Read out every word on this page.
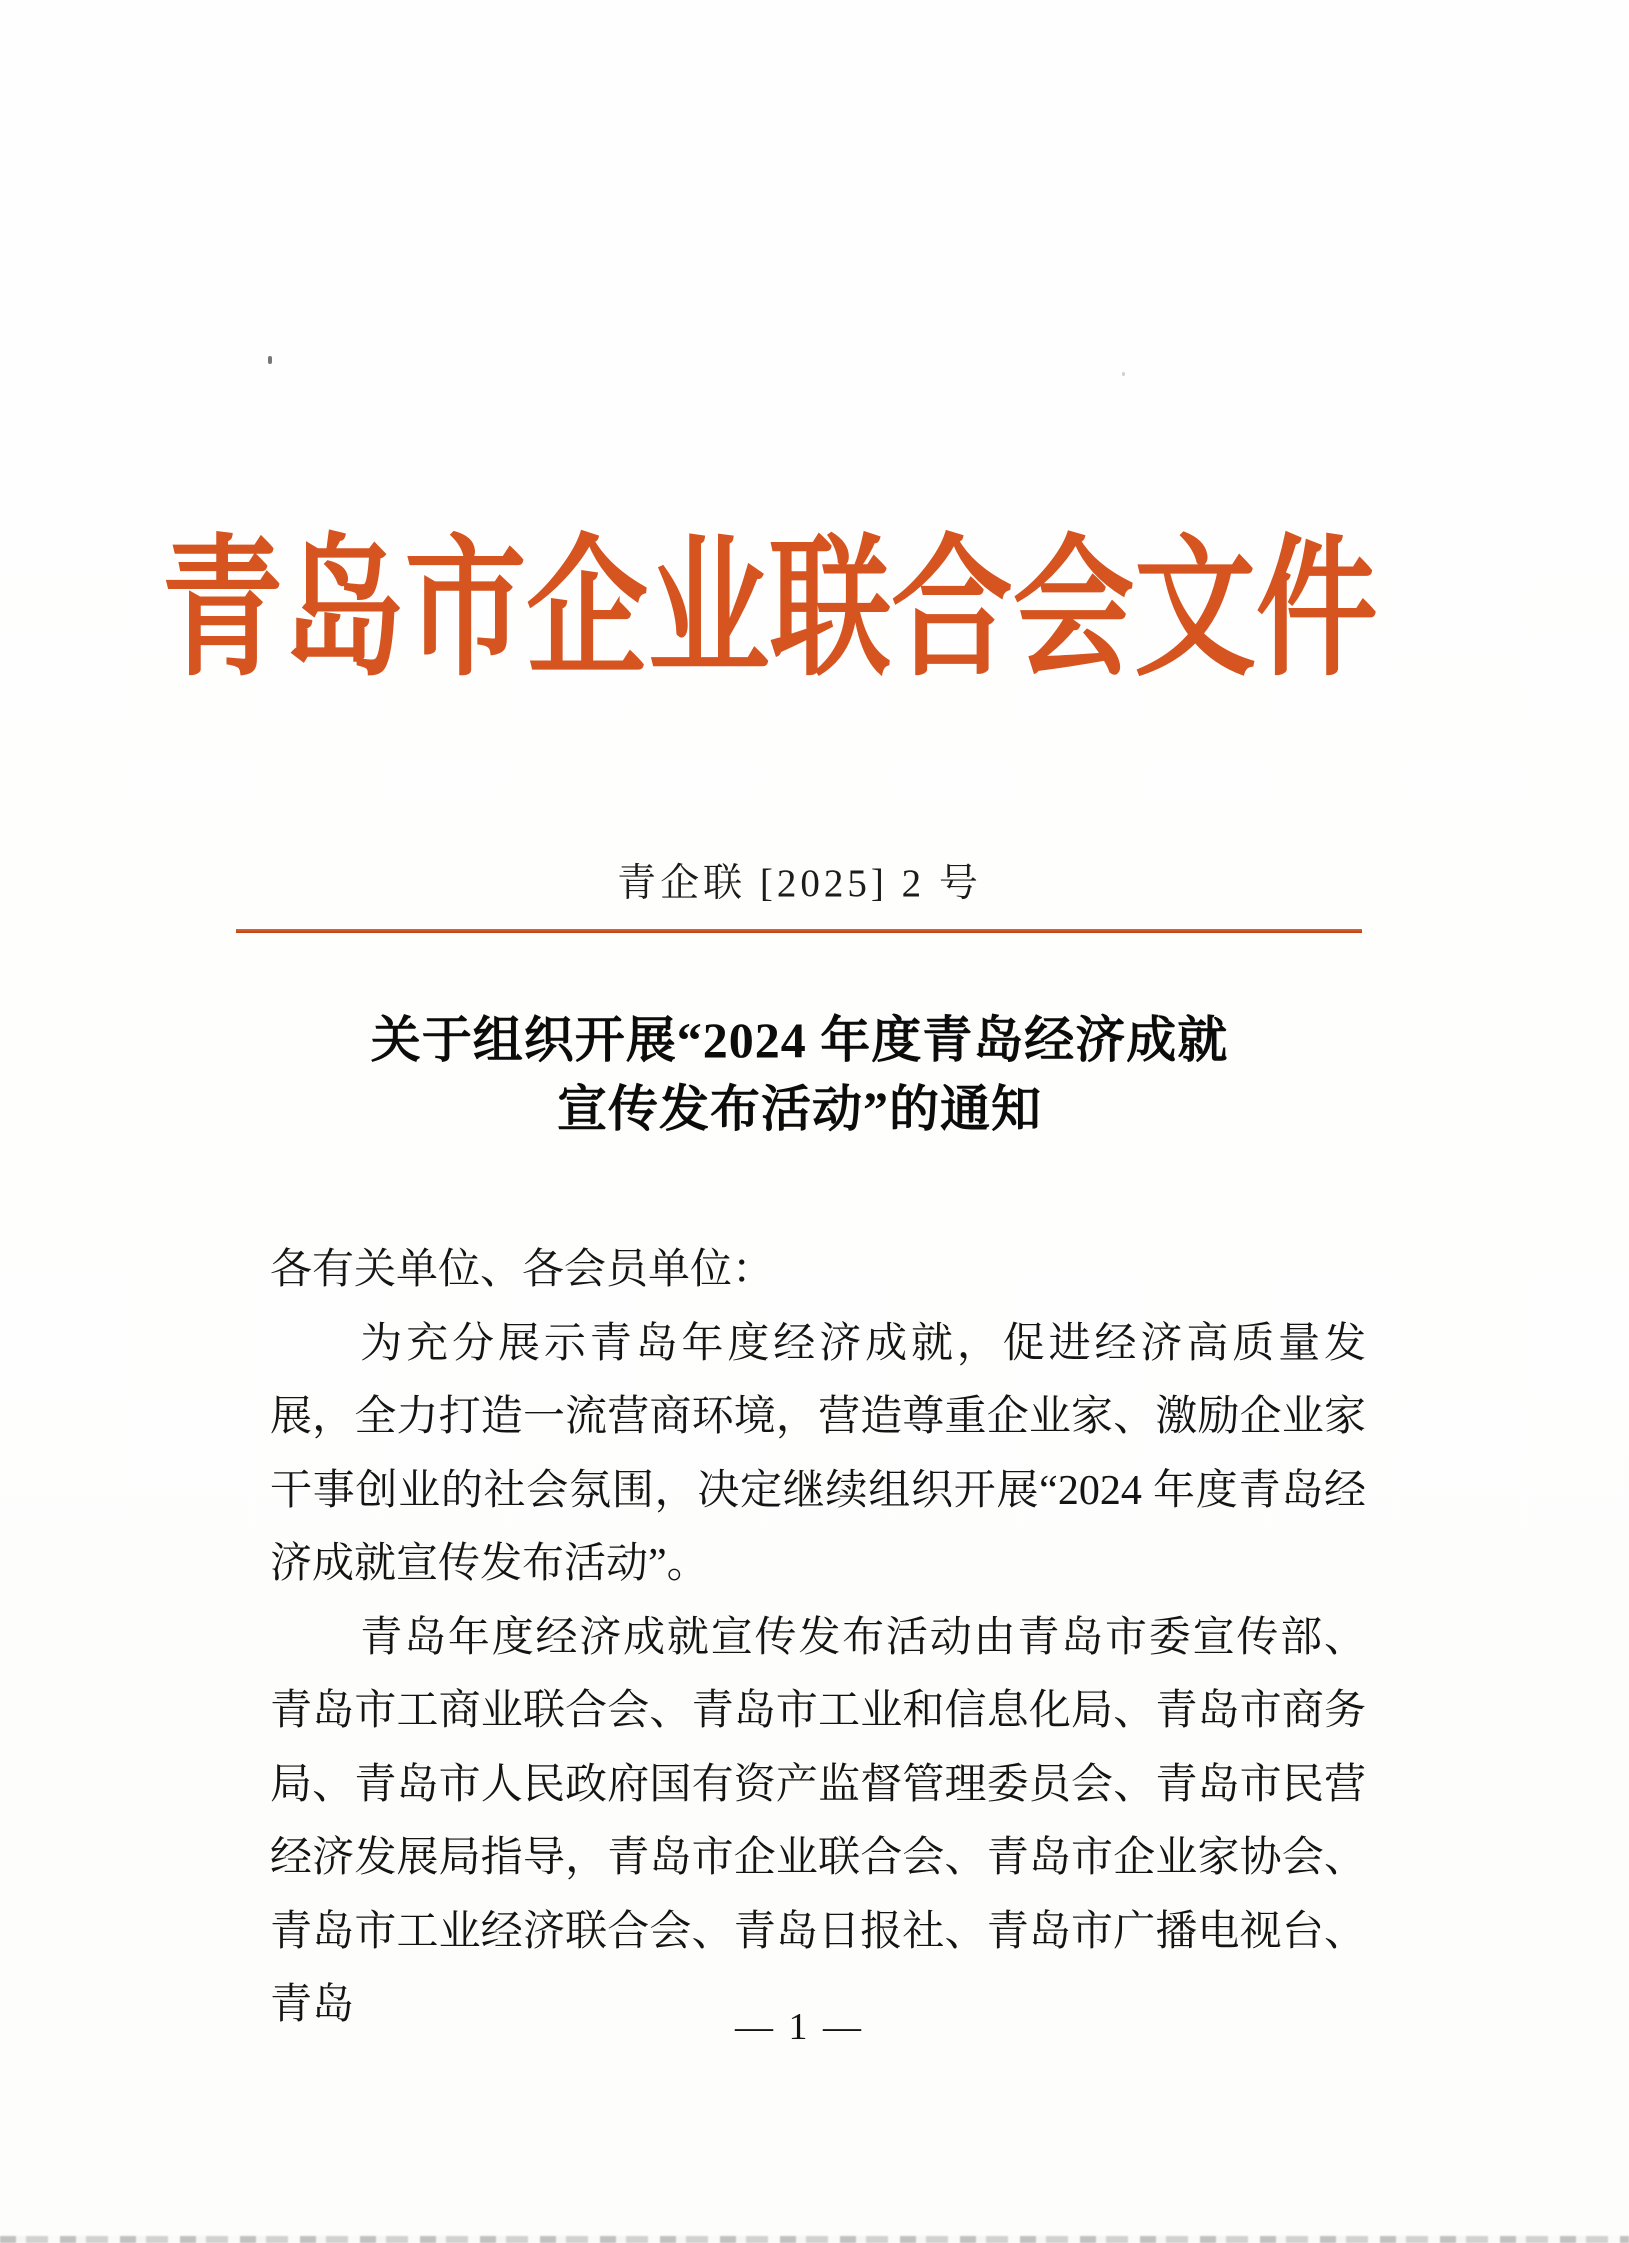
青岛市企业联合会文件
青企联 [2025] 2 号
关于组织开展“2024 年度青岛经济成就
宣传发布活动”的通知

各有关单位、各会员单位：

为充分展示青岛年度经济成就，促进经济高质量发展，全力打造一流营商环境，营造尊重企业家、激励企业家干事创业的社会氛围，决定继续组织开展“2024 年度青岛经济成就宣传发布活动”。

青岛年度经济成就宣传发布活动由青岛市委宣传部、青岛市工商业联合会、青岛市工业和信息化局、青岛市商务局、青岛市人民政府国有资产监督管理委员会、青岛市民营经济发展局指导，青岛市企业联合会、青岛市企业家协会、青岛市工业经济联合会、青岛日报社、青岛市广播电视台、青岛	— 1 —
